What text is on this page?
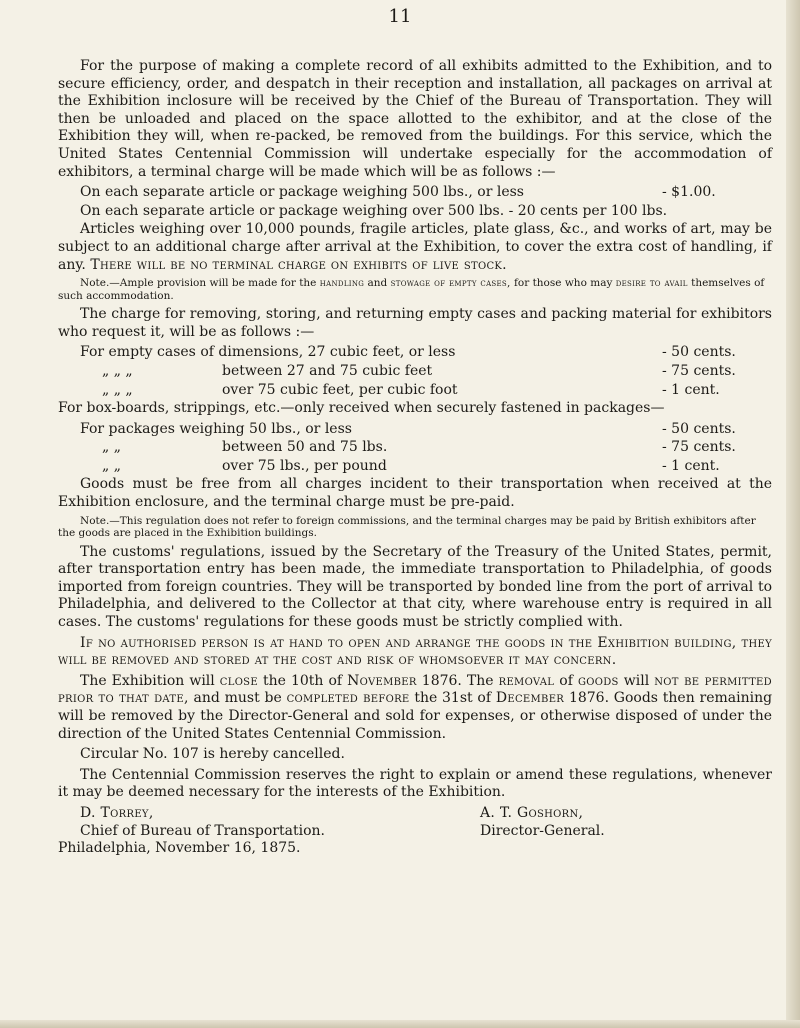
11

For the purpose of making a complete record of all exhibits admitted to the Exhibition, and to secure efficiency, order, and despatch in their reception and installation, all packages on arrival at the Exhibition inclosure will be received by the Chief of the Bureau of Transportation. They will then be unloaded and placed on the space allotted to the exhibitor, and at the close of the Exhibition they will, when re-packed, be removed from the buildings. For this service, which the United States Centennial Commission will undertake especially for the accommodation of exhibitors, a terminal charge will be made which will be as follows :—

On each separate article or package weighing 500 lbs., or less	- $1.00.
On each separate article or package weighing over 500 lbs. - 20 cents per 100 lbs.

Articles weighing over 10,000 pounds, fragile articles, plate glass, &c., and works of art, may be subject to an additional charge after arrival at the Exhibition, to cover the extra cost of handling, if any. There will be no terminal charge on exhibits of live stock.

Note.—Ample provision will be made for the handling and stowage of empty cases, for those who may desire to avail themselves of such accommodation.

The charge for removing, storing, and returning empty cases and packing material for exhibitors who request it, will be as follows :—

For empty cases of dimensions, 27 cubic feet, or less	- 50 cents.
„ „ „	between 27 and 75 cubic feet	- 75 cents.
„ „ „	over 75 cubic feet, per cubic foot	- 1 cent.

For box-boards, strippings, etc.—only received when securely fastened in packages—

For packages weighing 50 lbs., or less	- 50 cents.
„ „	between 50 and 75 lbs.	- 75 cents.
„ „	over 75 lbs., per pound	- 1 cent.

Goods must be free from all charges incident to their transportation when received at the Exhibition enclosure, and the terminal charge must be pre-paid.

Note.—This regulation does not refer to foreign commissions, and the terminal charges may be paid by British exhibitors after the goods are placed in the Exhibition buildings.

The customs' regulations, issued by the Secretary of the Treasury of the United States, permit, after transportation entry has been made, the immediate transportation to Philadelphia, of goods imported from foreign countries. They will be transported by bonded line from the port of arrival to Philadelphia, and delivered to the Collector at that city, where warehouse entry is required in all cases. The customs' regulations for these goods must be strictly complied with.

If no authorised person is at hand to open and arrange the goods in the Exhibition building, they will be removed and stored at the cost and risk of whomsoever it may concern.

The Exhibition will close the 10th of November 1876. The removal of goods will not be permitted prior to that date, and must be completed before the 31st of December 1876. Goods then remaining will be removed by the Director-General and sold for expenses, or otherwise disposed of under the direction of the United States Centennial Commission.

Circular No. 107 is hereby cancelled.

The Centennial Commission reserves the right to explain or amend these regulations, whenever it may be deemed necessary for the interests of the Exhibition.

D. Torrey,	A. T. Goshorn,
Chief of Bureau of Transportation.	Director-General.
Philadelphia, November 16, 1875.
